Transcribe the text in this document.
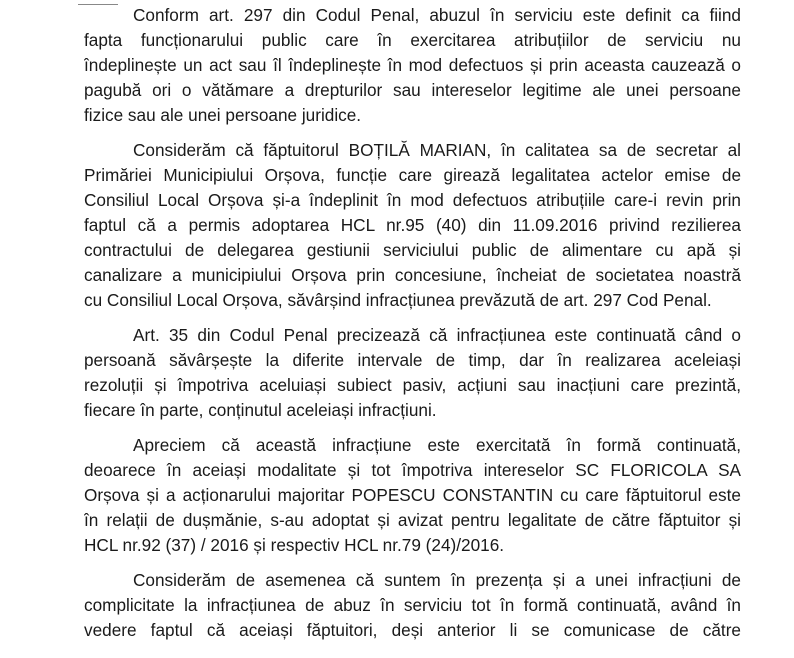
Conform art. 297 din Codul Penal, abuzul în serviciu este definit ca fiind
fapta funcționarului public care în exercitarea atribuțiilor de serviciu nu
îndeplinește un act sau îl îndeplinește în mod defectuos și prin aceasta cauzează o
pagubă ori o vătămare a drepturilor sau intereselor legitime ale unei persoane
fizice sau ale unei persoane juridice.
Considerăm că făptuitorul BOȚILĂ MARIAN, în calitatea sa de secretar al
Primăriei Municipiului Orșova, funcție care girează legalitatea actelor emise de
Consiliul Local Orșova și-a îndeplinit în mod defectuos atribuțiile care-i revin prin
faptul că a permis adoptarea HCL nr.95 (40) din 11.09.2016 privind rezilierea
contractului de delegarea gestiunii serviciului public de alimentare cu apă și
canalizare a municipiului Orșova prin concesiune, încheiat de societatea noastră
cu Consiliul Local Orșova, săvârșind infracțiunea prevăzută de art. 297 Cod Penal.
Art. 35 din Codul Penal precizează că infracțiunea este continuată când o
persoană săvârșește la diferite intervale de timp, dar în realizarea aceleiași
rezoluții și împotriva aceluiași subiect pasiv, acțiuni sau inacțiuni care prezintă,
fiecare în parte, conținutul aceleiași infracțiuni.
Apreciem că această infracțiune este exercitată în formă continuată,
deoarece în aceiași modalitate și tot împotriva intereselor SC FLORICOLA SA
Orșova și a acționarului majoritar POPESCU CONSTANTIN cu care făptuitorul este
în relații de dușmănie, s-au adoptat și avizat pentru legalitate de către făptuitor și
HCL nr.92 (37) / 2016 și respectiv HCL nr.79 (24)/2016.
Considerăm de asemenea că suntem în prezența și a unei infracțiuni de
complicitate la infracțiunea de abuz în serviciu tot în formă continuată, având în
vedere faptul că aceiași făptuitori, deși anterior li se comunicase de către
